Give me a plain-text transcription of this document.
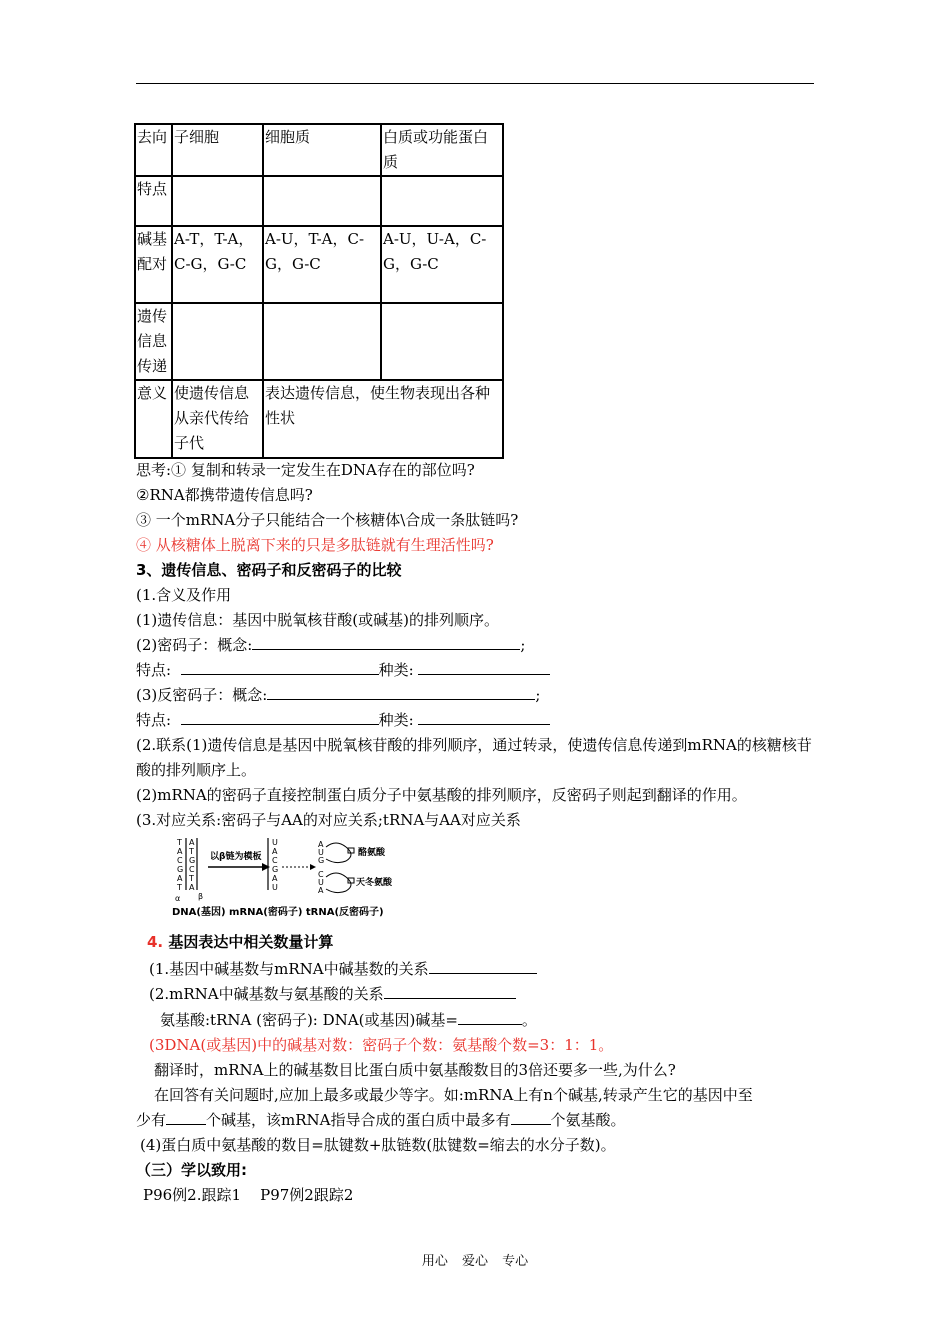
去向	子细胞	细胞质	白质或功能蛋白质
特点			
碱基配对	A-T，T-A，C-G，G-C	A-U，T-A，C-G，G-C	A-U，U-A，C-G，G-C
遗传信息传递			
意义	使遗传信息从亲代传给子代	表达遗传信息，使生物表现出各种性状	
思考:① 复制和转录一定发生在DNA存在的部位吗?
②RNA都携带遗传信息吗?
③ 一个mRNA分子只能结合一个核糖体\合成一条肽链吗?
④ 从核糖体上脱离下来的只是多肽链就有生理活性吗?
3、遗传信息、密码子和反密码子的比较
(1.含义及作用
(1)遗传信息：基因中脱氧核苷酸(或碱基)的排列顺序。
(2)密码子：概念:	;
特点:	种类:
(3)反密码子：概念:	;
特点:	种类:
(2.联系(1)遗传信息是基因中脱氧核苷酸的排列顺序，通过转录，使遗传信息传递到mRNA的核糖核苷酸的排列顺序上。
(2)mRNA的密码子直接控制蛋白质分子中氨基酸的排列顺序，反密码子则起到翻译的作用。
(3.对应关系:密码子与AA的对应关系;tRNA与AA对应关系
T
A
C
G
A
T
A
T
G
C
T
A
α β
以β链为模板
U
A
C
G
A
U
A
U
G
酪氨酸
C
U
A
天冬氨酸
DNA(基因) mRNA(密码子) tRNA(反密码子)
4. 基因表达中相关数量计算
(1.基因中碱基数与mRNA中碱基数的关系
(2.mRNA中碱基数与氨基酸的关系
氨基酸:tRNA (密码子): DNA(或基因)碱基=	。
(3DNA(或基因)中的碱基对数：密码子个数：氨基酸个数=3：1：1。
翻译时，mRNA上的碱基数目比蛋白质中氨基酸数目的3倍还要多一些,为什么?
在回答有关问题时,应加上最多或最少等字。如:mRNA上有n个碱基,转录产生它的基因中至
少有	个碱基，该mRNA指导合成的蛋白质中最多有	个氨基酸。
(4)蛋白质中氨基酸的数目=肽键数+肽链数(肽键数=缩去的水分子数)。
（三）学以致用:
P96例2.跟踪1    P97例2跟踪2
用心 爱心 专心
